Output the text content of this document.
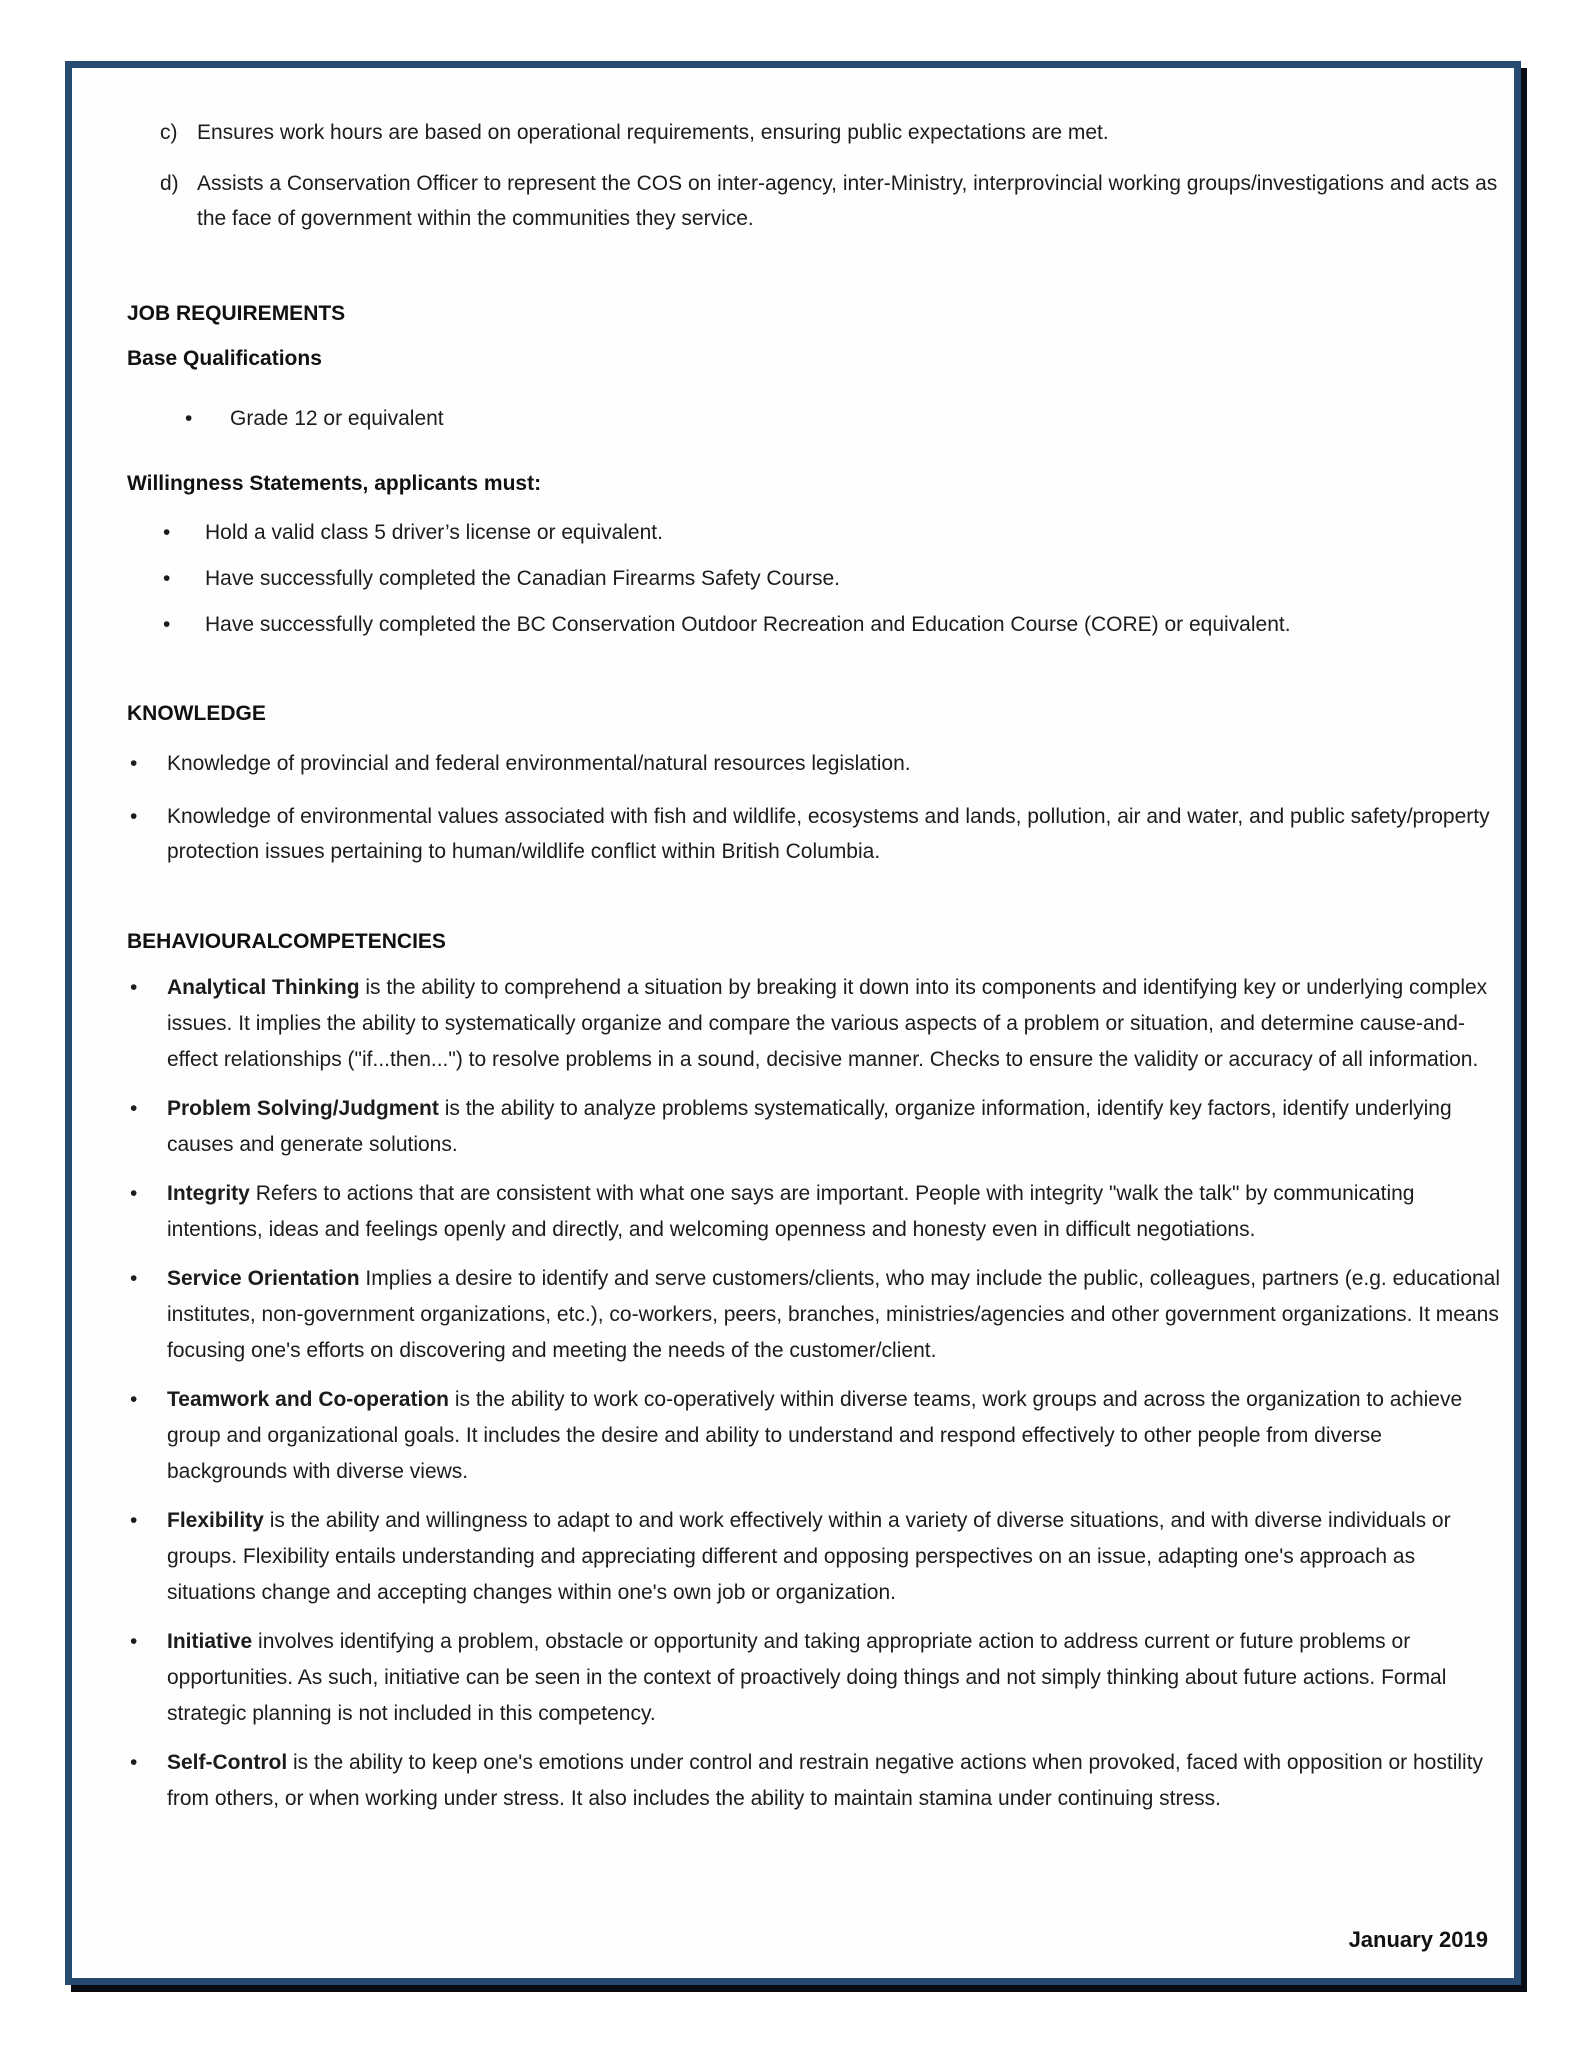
c) Ensures work hours are based on operational requirements, ensuring public expectations are met.
d) Assists a Conservation Officer to represent the COS on inter-agency, inter-Ministry, interprovincial working groups/investigations and acts as the face of government within the communities they service.
JOB REQUIREMENTS
Base Qualifications
•	Grade 12 or equivalent
Willingness Statements, applicants must:
•	Hold a valid class 5 driver’s license or equivalent.
•	Have successfully completed the Canadian Firearms Safety Course.
•	Have successfully completed the BC Conservation Outdoor Recreation and Education Course (CORE) or equivalent.
KNOWLEDGE
•	Knowledge of provincial and federal environmental/natural resources legislation.
•	Knowledge of environmental values associated with fish and wildlife, ecosystems and lands, pollution, air and water, and public safety/property protection issues pertaining to human/wildlife conflict within British Columbia.
BEHAVIOURAL COMPETENCIES
•	Analytical Thinking is the ability to comprehend a situation by breaking it down into its components and identifying key or underlying complex issues. It implies the ability to systematically organize and compare the various aspects of a problem or situation, and determine cause-and-effect relationships ("if...then...") to resolve problems in a sound, decisive manner. Checks to ensure the validity or accuracy of all information.
•	Problem Solving/Judgment is the ability to analyze problems systematically, organize information, identify key factors, identify underlying causes and generate solutions.
•	Integrity Refers to actions that are consistent with what one says are important. People with integrity "walk the talk" by communicating intentions, ideas and feelings openly and directly, and welcoming openness and honesty even in difficult negotiations.
•	Service Orientation Implies a desire to identify and serve customers/clients, who may include the public, colleagues, partners (e.g. educational institutes, non-government organizations, etc.), co-workers, peers, branches, ministries/agencies and other government organizations. It means focusing one's efforts on discovering and meeting the needs of the customer/client.
•	Teamwork and Co-operation is the ability to work co-operatively within diverse teams, work groups and across the organization to achieve group and organizational goals. It includes the desire and ability to understand and respond effectively to other people from diverse backgrounds with diverse views.
•	Flexibility is the ability and willingness to adapt to and work effectively within a variety of diverse situations, and with diverse individuals or groups. Flexibility entails understanding and appreciating different and opposing perspectives on an issue, adapting one's approach as situations change and accepting changes within one's own job or organization.
•	Initiative involves identifying a problem, obstacle or opportunity and taking appropriate action to address current or future problems or opportunities. As such, initiative can be seen in the context of proactively doing things and not simply thinking about future actions. Formal strategic planning is not included in this competency.
•	Self-Control is the ability to keep one's emotions under control and restrain negative actions when provoked, faced with opposition or hostility from others, or when working under stress. It also includes the ability to maintain stamina under continuing stress.
January 2019
